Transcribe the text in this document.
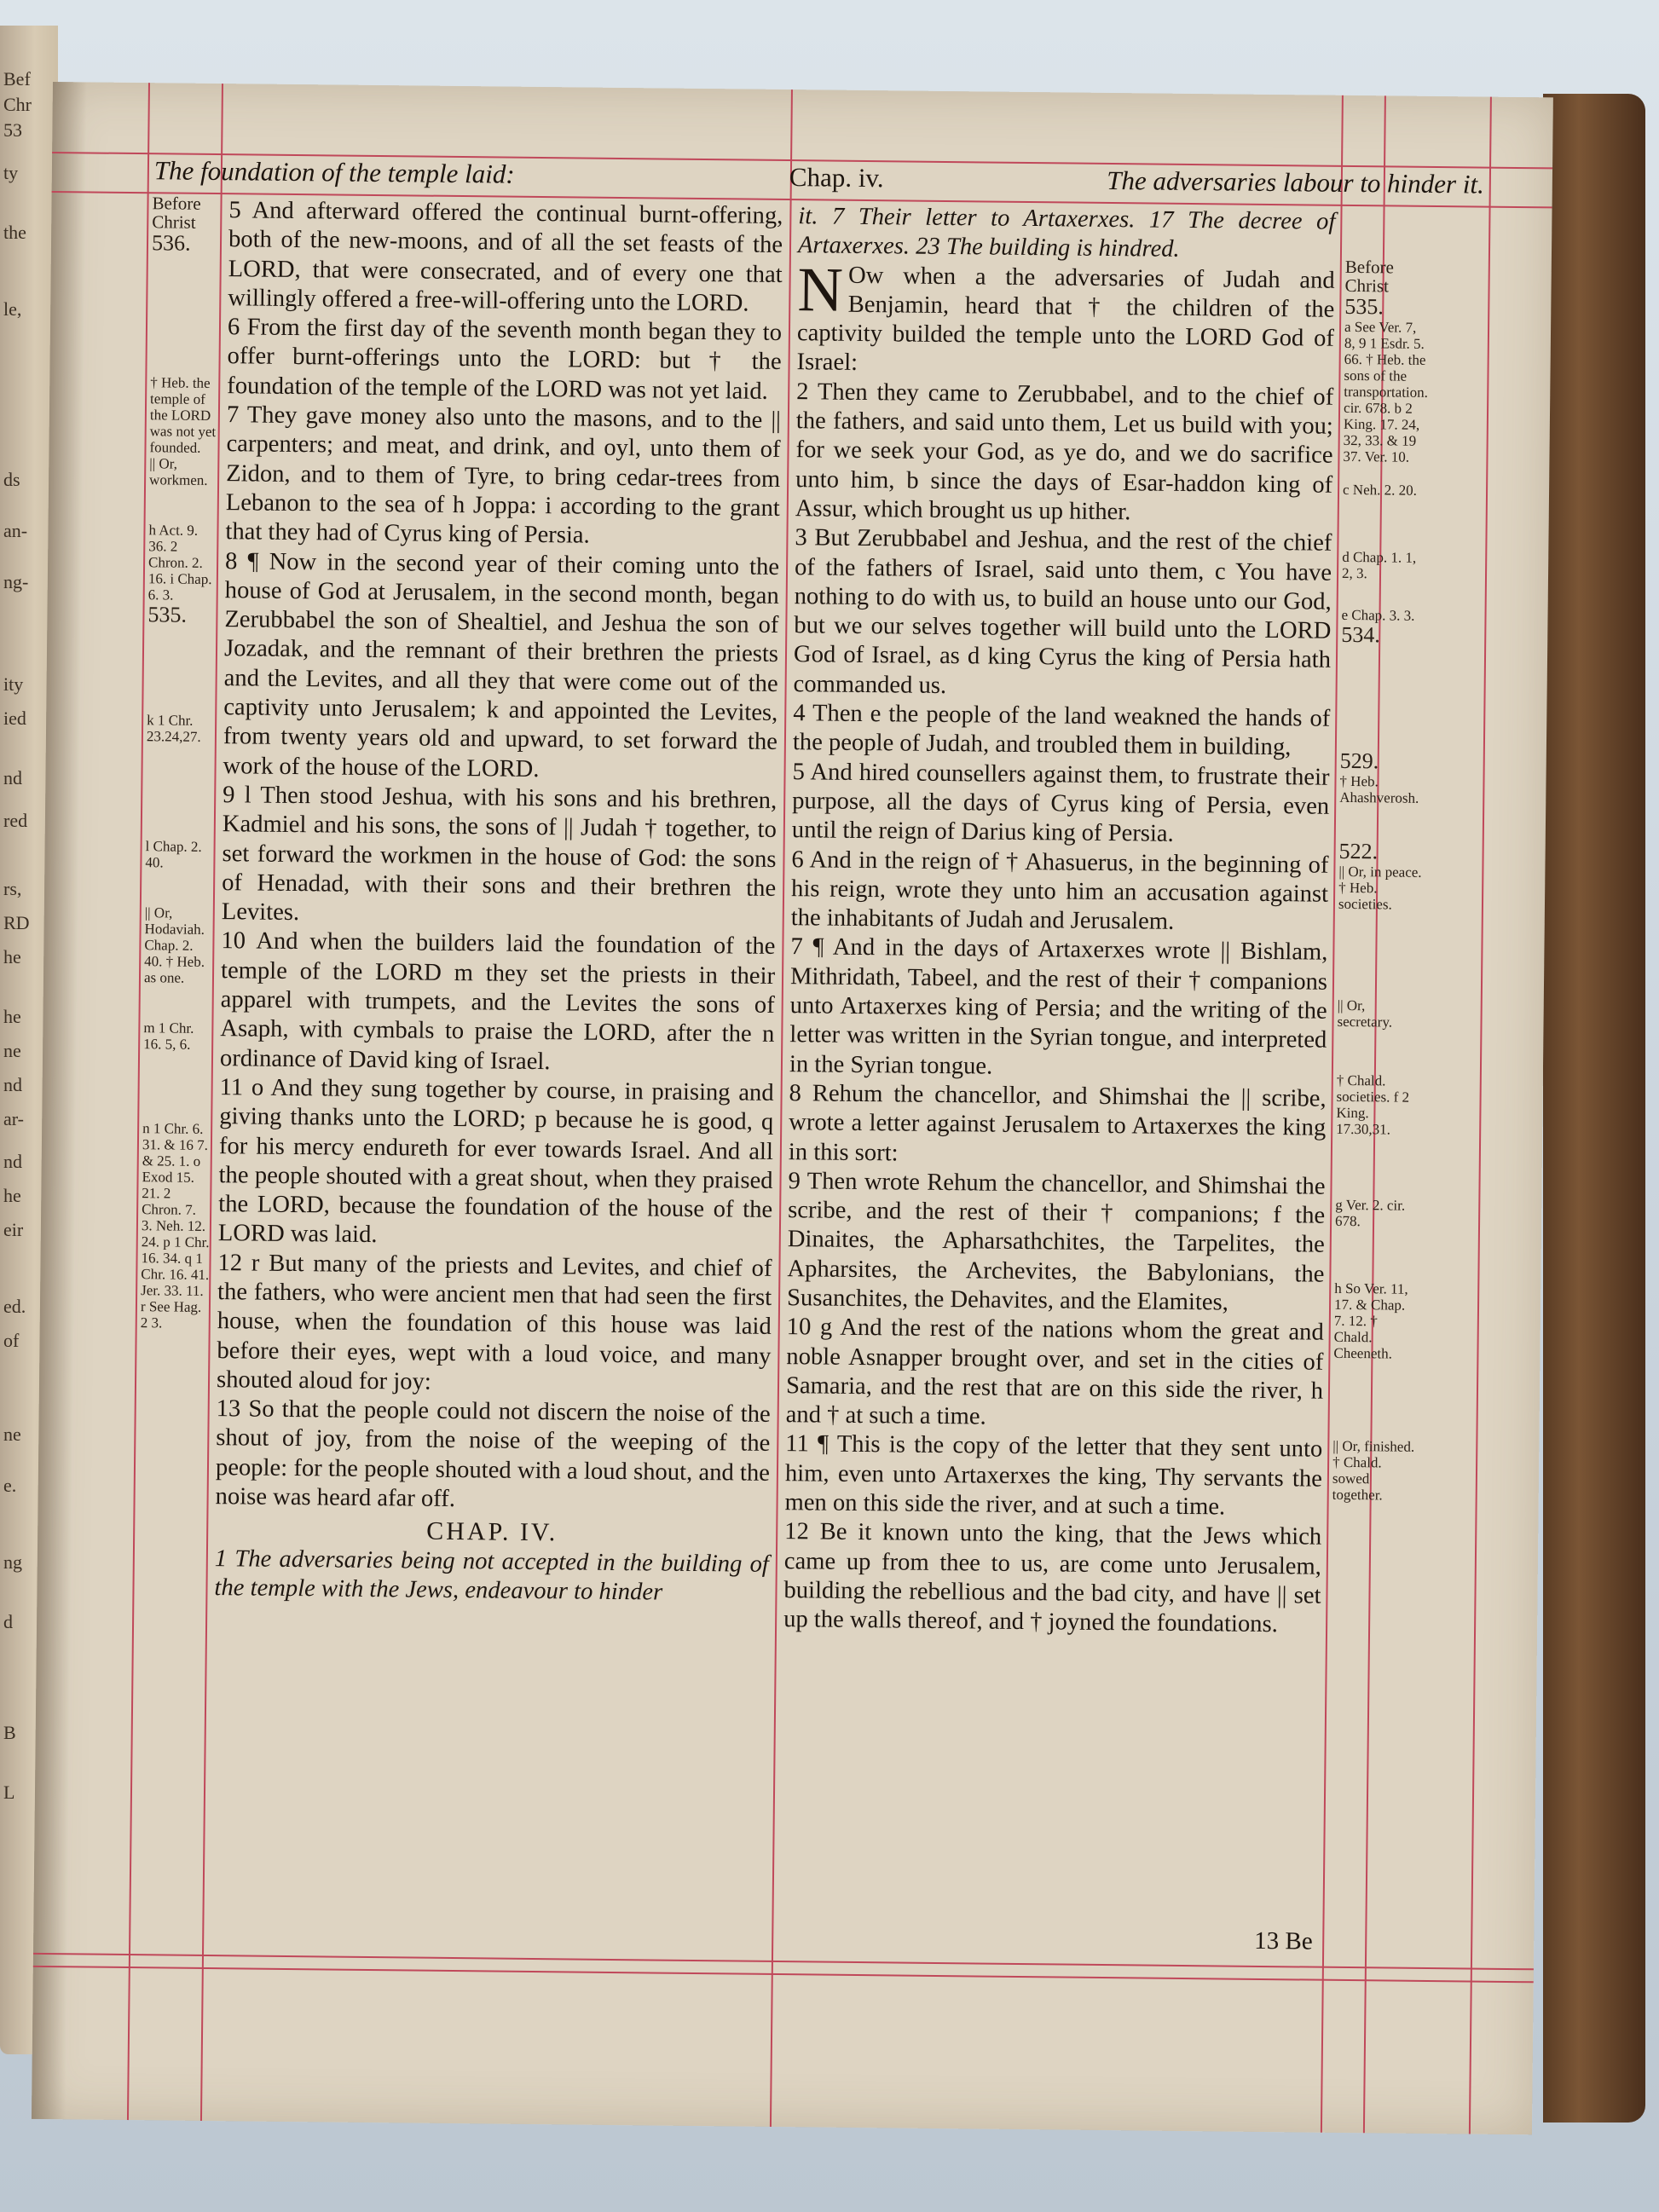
Bef
Chr
53
ty
the
le,
ds
an-
ng-
ity
ied
nd
red
rs,
RD
he
he
ne
nd
ar-
nd
he
eir
ed.
of
ne
e.
ng
d
B
L
The foundation of the temple laid:	Chap. iv.	The adversaries labour to hinder it.
Before Christ
536.
† Heb. the temple of the LORD was not yet founded.
|| Or, workmen.
h Act. 9. 36. 2 Chron. 2. 16. i Chap. 6. 3.
535.
k 1 Chr. 23.24,27.
l Chap. 2. 40.
|| Or, Hodaviah. Chap. 2. 40. † Heb. as one.
m 1 Chr. 16. 5, 6.
n 1 Chr. 6. 31. & 16 7. & 25. 1. o Exod 15. 21. 2 Chron. 7. 3. Neh. 12. 24. p 1 Chr. 16. 34. q 1 Chr. 16. 41. Jer. 33. 11. r See Hag. 2 3.

5 And afterward offered the continual burnt-offering, both of the new-moons, and of all the set feasts of the LORD, that were consecrated, and of every one that willingly offered a free-will-offering unto the LORD.

6 From the first day of the seventh month began they to offer burnt-offerings unto the LORD: but † the foundation of the temple of the LORD was not yet laid.

7 They gave money also unto the masons, and to the || carpenters; and meat, and drink, and oyl, unto them of Zidon, and to them of Tyre, to bring cedar-trees from Lebanon to the sea of h Joppa: i according to the grant that they had of Cyrus king of Persia.

8 ¶ Now in the second year of their coming unto the house of God at Jerusalem, in the second month, began Zerubbabel the son of Shealtiel, and Jeshua the son of Jozadak, and the remnant of their brethren the priests and the Levites, and all they that were come out of the captivity unto Jerusalem; k and appointed the Levites, from twenty years old and upward, to set forward the work of the house of the LORD.

9 l Then stood Jeshua, with his sons and his brethren, Kadmiel and his sons, the sons of || Judah † together, to set forward the workmen in the house of God: the sons of Henadad, with their sons and their brethren the Levites.

10 And when the builders laid the foundation of the temple of the LORD m they set the priests in their apparel with trumpets, and the Levites the sons of Asaph, with cymbals to praise the LORD, after the n ordinance of David king of Israel.

11 o And they sung together by course, in praising and giving thanks unto the LORD; p because he is good, q for his mercy endureth for ever towards Israel. And all the people shouted with a great shout, when they praised the LORD, because the foundation of the house of the LORD was laid.

12 r But many of the priests and Levites, and chief of the fathers, who were ancient men that had seen the first house, when the foundation of this house was laid before their eyes, wept with a loud voice, and many shouted aloud for joy:

13 So that the people could not discern the noise of the shout of joy, from the noise of the weeping of the people: for the people shouted with a loud shout, and the noise was heard afar off.

CHAP. IV.

1 The adversaries being not accepted in the building of the temple with the Jews, endeavour to hinder

it. 7 Their letter to Artaxerxes. 17 The decree of Artaxerxes. 23 The building is hindred.

N Ow when a the adversaries of Judah and Benjamin, heard that † the children of the captivity builded the temple unto the LORD God of Israel:

2 Then they came to Zerubbabel, and to the chief of the fathers, and said unto them, Let us build with you; for we seek your God, as ye do, and we do sacrifice unto him, b since the days of Esar-haddon king of Assur, which brought us up hither.

3 But Zerubbabel and Jeshua, and the rest of the chief of the fathers of Israel, said unto them, c You have nothing to do with us, to build an house unto our God, but we our selves together will build unto the LORD God of Israel, as d king Cyrus the king of Persia hath commanded us.

4 Then e the people of the land weakned the hands of the people of Judah, and troubled them in building,

5 And hired counsellers against them, to frustrate their purpose, all the days of Cyrus king of Persia, even until the reign of Darius king of Persia.

6 And in the reign of † Ahasuerus, in the beginning of his reign, wrote they unto him an accusation against the inhabitants of Judah and Jerusalem.

7 ¶ And in the days of Artaxerxes wrote || Bishlam, Mithridath, Tabeel, and the rest of their † companions unto Artaxerxes king of Persia; and the writing of the letter was written in the Syrian tongue, and interpreted in the Syrian tongue.

8 Rehum the chancellor, and Shimshai the || scribe, wrote a letter against Jerusalem to Artaxerxes the king in this sort:

9 Then wrote Rehum the chancellor, and Shimshai the scribe, and the rest of their † companions; f the Dinaites, the Apharsathchites, the Tarpelites, the Apharsites, the Archevites, the Babylonians, the Susanchites, the Dehavites, and the Elamites,

10 g And the rest of the nations whom the great and noble Asnapper brought over, and set in the cities of Samaria, and the rest that are on this side the river, h and † at such a time.

11 ¶ This is the copy of the letter that they sent unto him, even unto Artaxerxes the king, Thy servants the men on this side the river, and at such a time.

12 Be it known unto the king, that the Jews which came up from thee to us, are come unto Jerusalem, building the rebellious and the bad city, and have || set up the walls thereof, and † joyned the foundations.

13 Be
Before Christ
535.
a See Ver. 7, 8, 9 1 Esdr. 5. 66. † Heb. the sons of the transportation. cir. 678. b 2 King. 17. 24, 32, 33. & 19 37. Ver. 10.
c Neh. 2. 20.
d Chap. 1. 1, 2, 3.
e Chap. 3. 3.
534.
529.
† Heb. Ahashverosh.
522.
|| Or, in peace. † Heb. societies.
|| Or, secretary.
† Chald. societies. f 2 King. 17.30,31.
g Ver. 2. cir. 678.
h So Ver. 11, 17. & Chap. 7. 12. † Chald. Cheeneth.
|| Or, finished. † Chald. sowed together.
